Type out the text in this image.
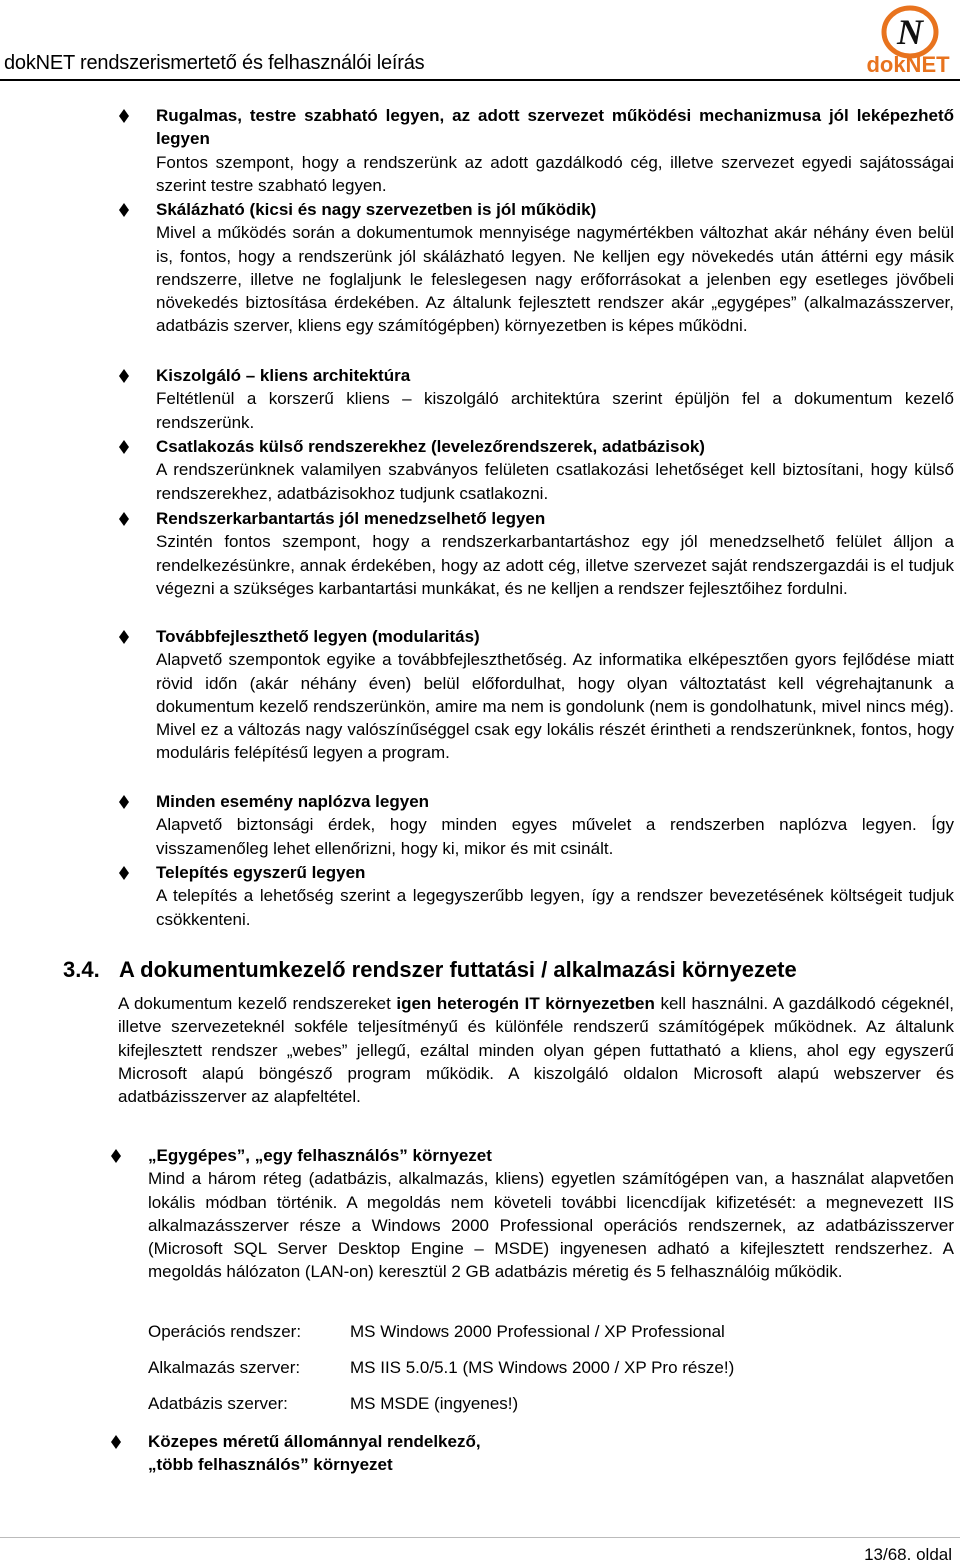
dokNET rendszerismertető és felhasználói leírás
N
dokNET
Rugalmas, testre szabható legyen, az adott szervezet működési mechanizmusa jól leképezhető legyen
Fontos szempont, hogy a rendszerünk az adott gazdálkodó cég, illetve szervezet egyedi sajátosságai szerint testre szabható legyen.
Skálázható (kicsi és nagy szervezetben is jól működik)
Mivel a működés során a dokumentumok mennyisége nagymértékben változhat akár néhány éven belül is, fontos, hogy a rendszerünk jól skálázható legyen. Ne kelljen egy növekedés után áttérni egy másik rendszerre, illetve ne foglaljunk le feleslegesen nagy erőforrásokat a jelenben egy esetleges jövőbeli növekedés biztosítása érdekében. Az általunk fejlesztett rendszer akár „egygépes” (alkalmazásszerver, adatbázis szerver, kliens egy számítógépben) környezetben is képes működni.
Kiszolgáló – kliens architektúra
Feltétlenül a korszerű kliens – kiszolgáló architektúra szerint épüljön fel a dokumentum kezelő rendszerünk.
Csatlakozás külső rendszerekhez (levelezőrendszerek, adatbázisok)
A rendszerünknek valamilyen szabványos felületen csatlakozási lehetőséget kell biztosítani, hogy külső rendszerekhez, adatbázisokhoz tudjunk csatlakozni.
Rendszerkarbantartás jól menedzselhető legyen
Szintén fontos szempont, hogy a rendszerkarbantartáshoz egy jól menedzselhető felület álljon a rendelkezésünkre, annak érdekében, hogy az adott cég, illetve szervezet saját rendszergazdái is el tudjuk végezni a szükséges karbantartási munkákat, és ne kelljen a rendszer fejlesztőihez fordulni.
Továbbfejleszthető legyen (modularitás)
Alapvető szempontok egyike a továbbfejleszthetőség. Az informatika elképesztően gyors fejlődése miatt rövid időn (akár néhány éven) belül előfordulhat, hogy olyan változtatást kell végrehajtanunk a dokumentum kezelő rendszerünkön, amire ma nem is gondolunk (nem is gondolhatunk, mivel nincs még). Mivel ez a változás nagy valószínűséggel csak egy lokális részét érintheti a rendszerünknek, fontos, hogy moduláris felépítésű legyen a program.
Minden esemény naplózva legyen
Alapvető biztonsági érdek, hogy minden egyes művelet a rendszerben naplózva legyen. Így visszamenőleg lehet ellenőrizni, hogy ki, mikor és mit csinált.
Telepítés egyszerű legyen
A telepítés a lehetőség szerint a legegyszerűbb legyen, így a rendszer bevezetésének költségeit tudjuk csökkenteni.
3.4. A dokumentumkezelő rendszer futtatási / alkalmazási környezete
A dokumentum kezelő rendszereket igen heterogén IT környezetben kell használni. A gazdálkodó cégeknél, illetve szervezeteknél sokféle teljesítményű és különféle rendszerű számítógépek működnek. Az általunk kifejlesztett rendszer „webes” jellegű, ezáltal minden olyan gépen futtatható a kliens, ahol egy egyszerű Microsoft alapú böngésző program működik. A kiszolgáló oldalon Microsoft alapú webszerver és adatbázisszerver az alapfeltétel.
„Egygépes”, „egy felhasználós” környezet
Mind a három réteg (adatbázis, alkalmazás, kliens) egyetlen számítógépen van, a használat alapvetően lokális módban történik. A megoldás nem követeli további licencdíjak kifizetését: a megnevezett IIS alkalmazásszerver része a Windows 2000 Professional operációs rendszernek, az adatbázisszerver (Microsoft SQL Server Desktop Engine – MSDE) ingyenesen adható a kifejlesztett rendszerhez. A megoldás hálózaton (LAN-on) keresztül 2 GB adatbázis méretig és 5 felhasználóig működik.
Operációs rendszer:	MS Windows 2000 Professional / XP Professional
Alkalmazás szerver:	MS IIS 5.0/5.1 (MS Windows 2000 / XP Pro része!)
Adatbázis szerver:	MS MSDE (ingyenes!)
Közepes méretű állománnyal rendelkező,
„több felhasználós” környezet
13/68. oldal
